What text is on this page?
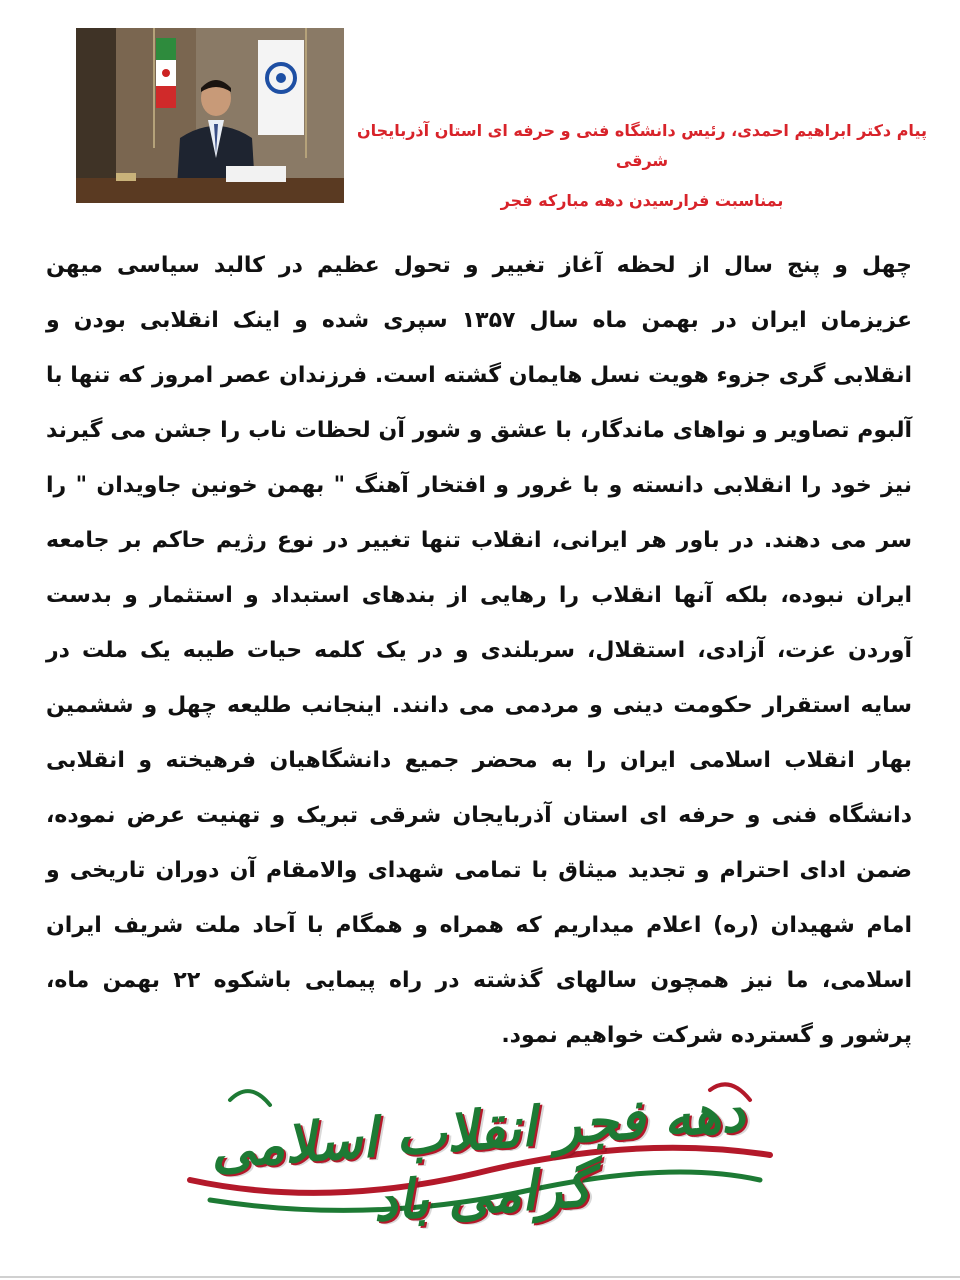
پیام دکتر ابراهیم احمدی، رئیس دانشگاه فنی و حرفه ای استان آذربایجان شرقی
بمناسبت فرارسیدن دهه مبارکه فجر
چهل و پنج سال از لحظه آغاز تغییر و تحول عظیم در کالبد سیاسی میهن عزیزمان ایران در بهمن ماه سال ۱۳۵۷ سپری شده و اینک انقلابی بودن و انقلابی گری جزوء هویت نسل هایمان گشته است. فرزندان عصر امروز که تنها با آلبوم تصاویر و نواهای ماندگار، با عشق و شور آن لحظات ناب را جشن می گیرند نیز خود را انقلابی دانسته و با غرور و افتخار آهنگ " بهمن خونین جاویدان " را سر می دهند. در باور هر ایرانی، انقلاب تنها تغییر در نوع رژیم حاکم بر جامعه ایران نبوده، بلکه آنها انقلاب را رهایی از بندهای استبداد و استثمار و بدست آوردن عزت، آزادی، استقلال، سربلندی و در یک کلمه حیات طیبه یک ملت در سایه استقرار حکومت دینی و مردمی می دانند. اینجانب طلیعه چهل و ششمین بهار انقلاب اسلامی ایران را به محضر جمیع دانشگاهیان فرهیخته و انقلابی دانشگاه فنی و حرفه ای استان آذربایجان شرقی تبریک و تهنیت عرض نموده، ضمن ادای احترام و تجدید میثاق با تمامی شهدای والامقام آن دوران تاریخی و امام شهیدان (ره) اعلام میداریم که همراه و همگام با آحاد ملت شریف ایران اسلامی، ما نیز همچون سالهای گذشته در راه پیمایی باشکوه ۲۲ بهمن ماه، پرشور و گسترده شرکت خواهیم نمود.
دهه فجر انقلاب اسلامی گرامی باد
